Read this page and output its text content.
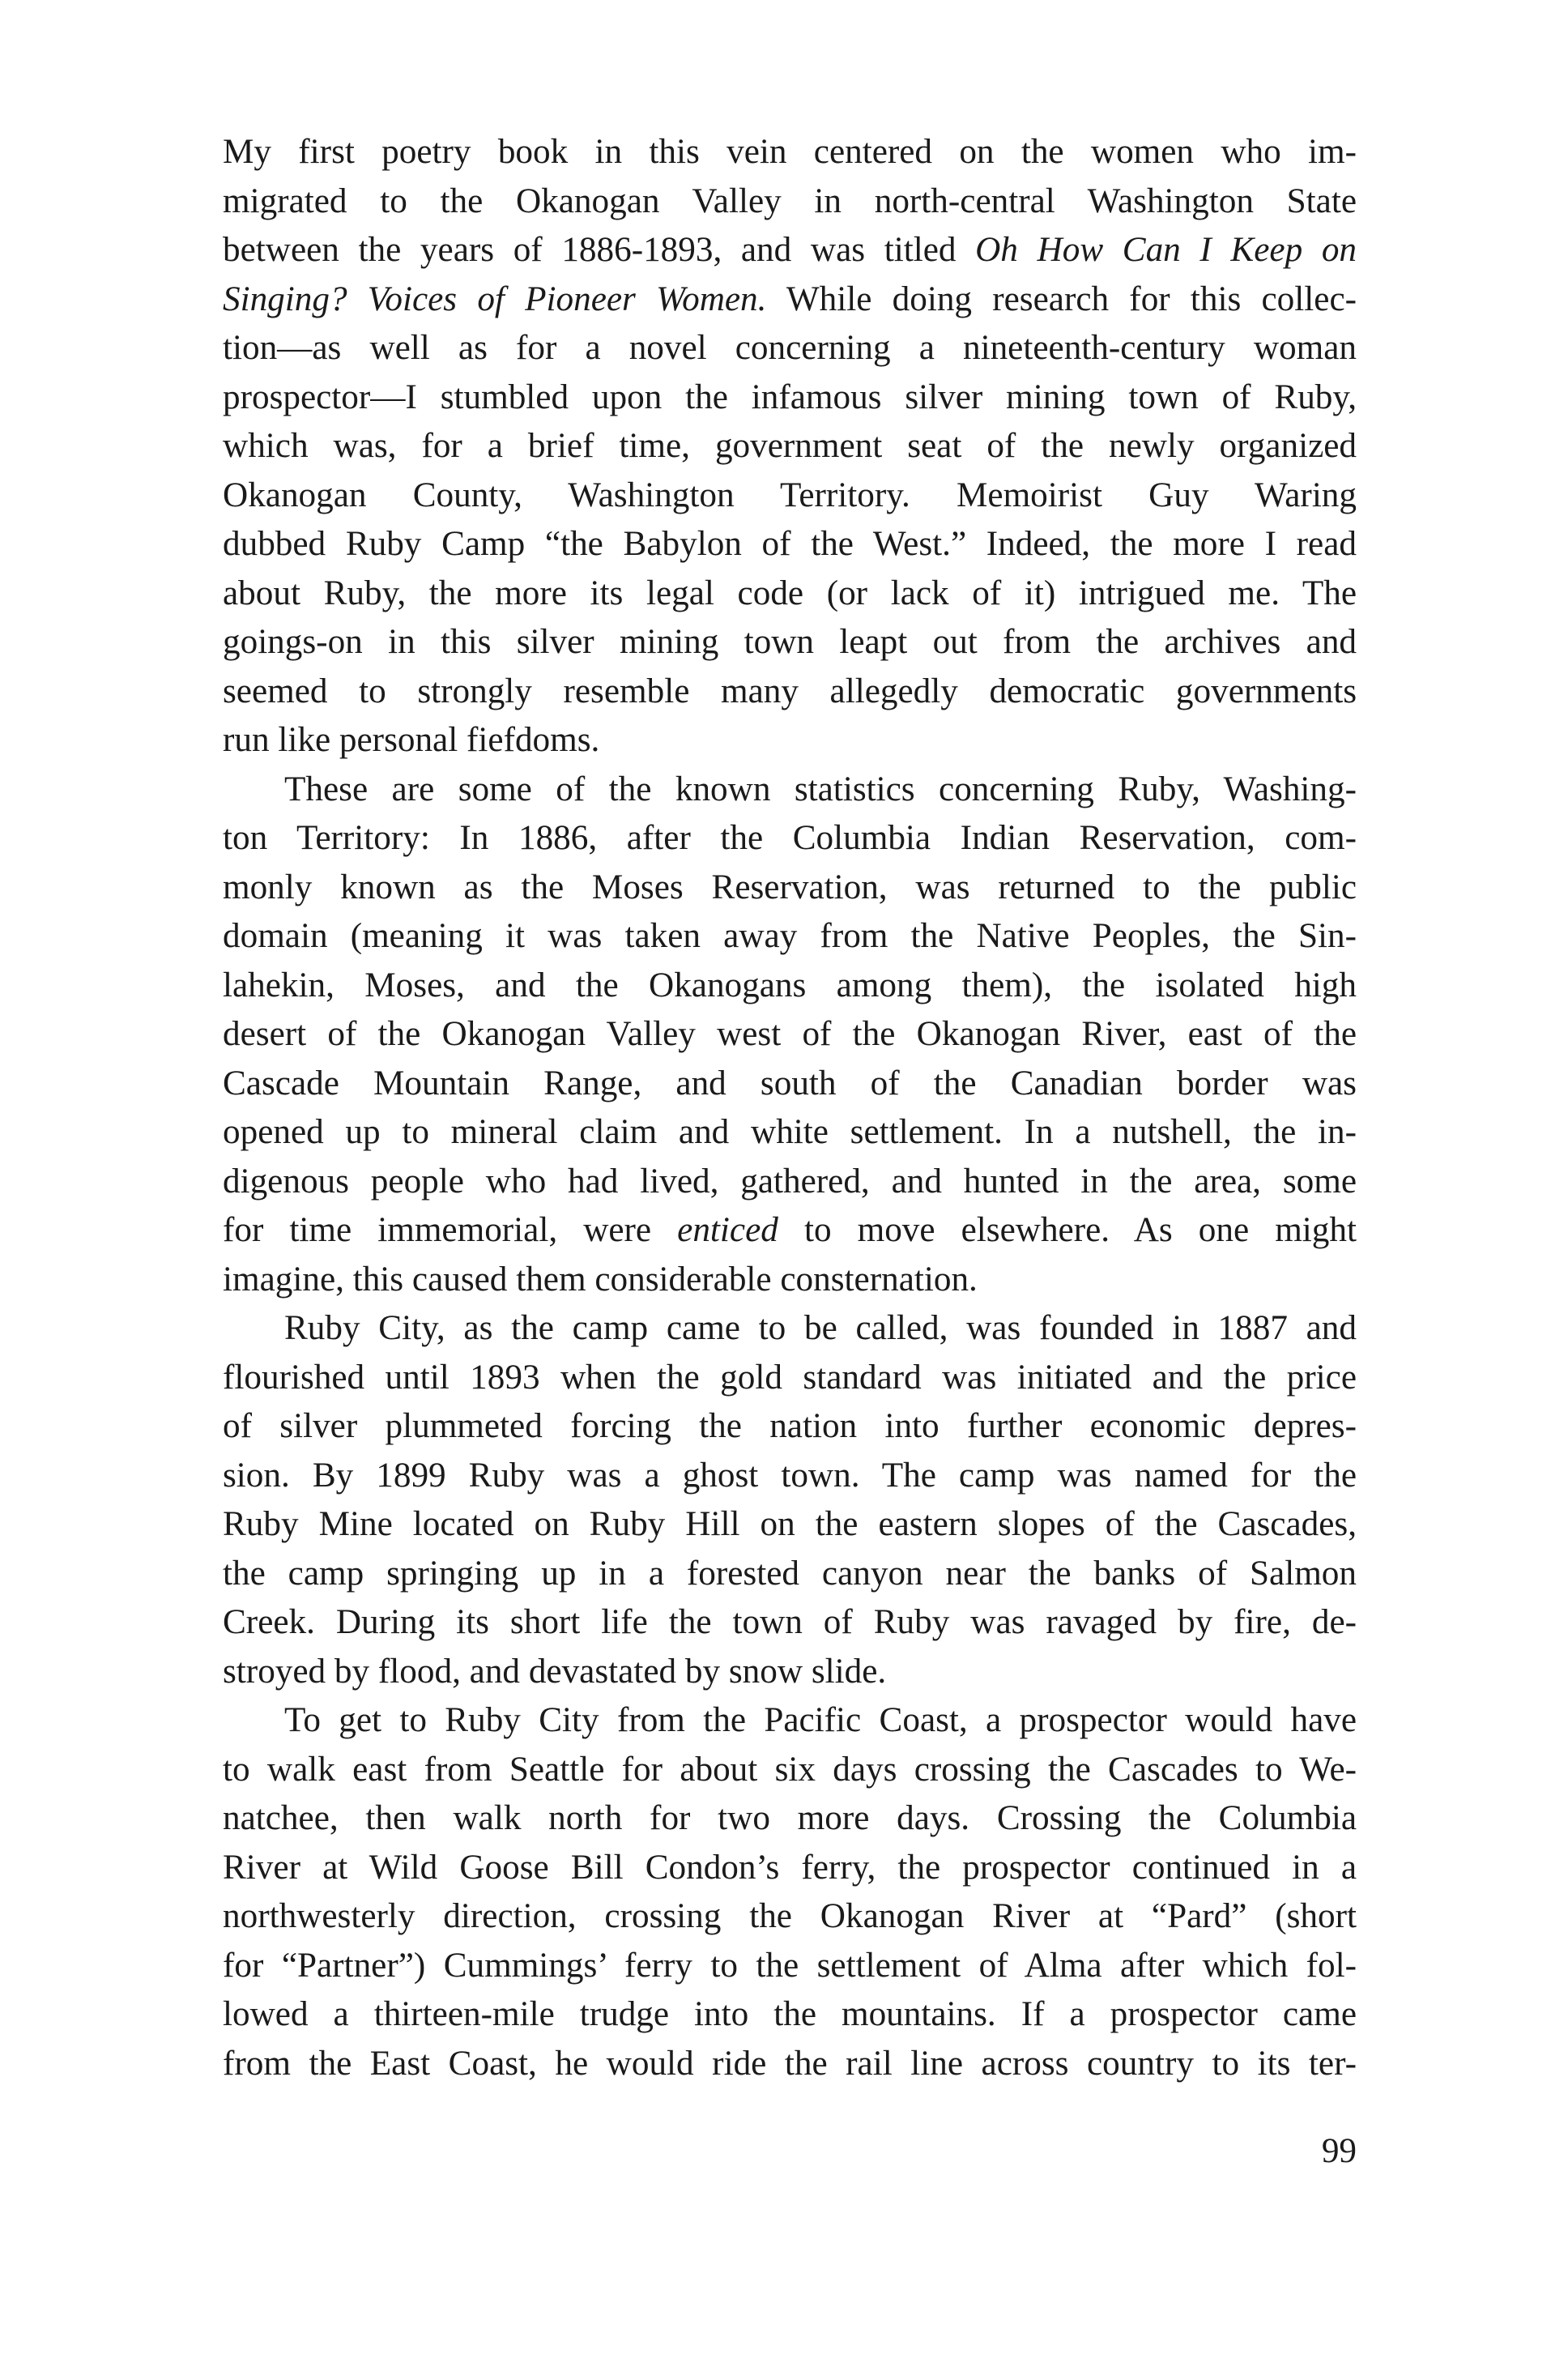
My first poetry book in this vein centered on the women who im-
migrated to the Okanogan Valley in north-central Washington State
between the years of 1886-1893, and was titled Oh How Can I Keep on
Singing? Voices of Pioneer Women. While doing research for this collec-
tion—as well as for a novel concerning a nineteenth-century woman
prospector—I stumbled upon the infamous silver mining town of Ruby,
which was, for a brief time, government seat of the newly organized
Okanogan County, Washington Territory. Memoirist Guy Waring
dubbed Ruby Camp “the Babylon of the West.” Indeed, the more I read
about Ruby, the more its legal code (or lack of it) intrigued me. The
goings-on in this silver mining town leapt out from the archives and
seemed to strongly resemble many allegedly democratic governments
run like personal fiefdoms.
These are some of the known statistics concerning Ruby, Washing-
ton Territory: In 1886, after the Columbia Indian Reservation, com-
monly known as the Moses Reservation, was returned to the public
domain (meaning it was taken away from the Native Peoples, the Sin-
lahekin, Moses, and the Okanogans among them), the isolated high
desert of the Okanogan Valley west of the Okanogan River, east of the
Cascade Mountain Range, and south of the Canadian border was
opened up to mineral claim and white settlement. In a nutshell, the in-
digenous people who had lived, gathered, and hunted in the area, some
for time immemorial, were enticed to move elsewhere. As one might
imagine, this caused them considerable consternation.
Ruby City, as the camp came to be called, was founded in 1887 and
flourished until 1893 when the gold standard was initiated and the price
of silver plummeted forcing the nation into further economic depres-
sion. By 1899 Ruby was a ghost town. The camp was named for the
Ruby Mine located on Ruby Hill on the eastern slopes of the Cascades,
the camp springing up in a forested canyon near the banks of Salmon
Creek. During its short life the town of Ruby was ravaged by fire, de-
stroyed by flood, and devastated by snow slide.
To get to Ruby City from the Pacific Coast, a prospector would have
to walk east from Seattle for about six days crossing the Cascades to We-
natchee, then walk north for two more days. Crossing the Columbia
River at Wild Goose Bill Condon’s ferry, the prospector continued in a
northwesterly direction, crossing the Okanogan River at “Pard” (short
for “Partner”) Cummings’ ferry to the settlement of Alma after which fol-
lowed a thirteen-mile trudge into the mountains. If a prospector came
from the East Coast, he would ride the rail line across country to its ter-
99
